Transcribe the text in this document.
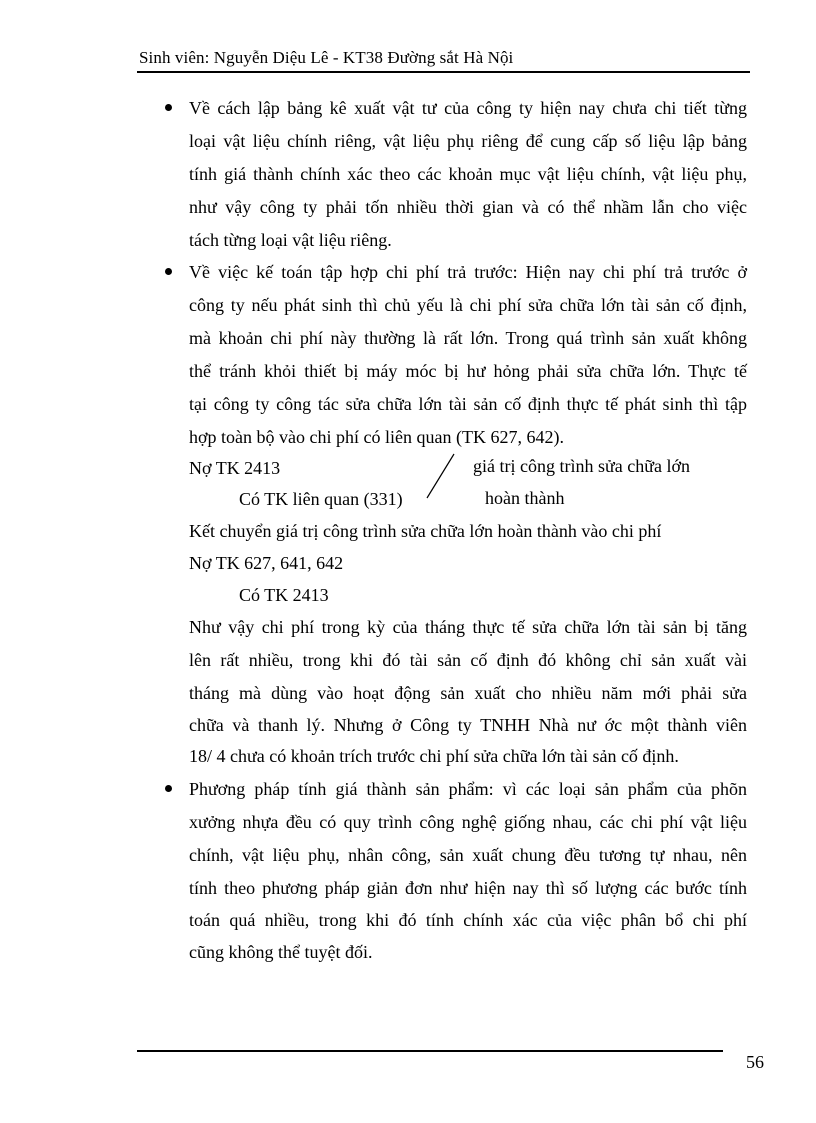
Sinh viên: Nguyễn Diệu Lê - KT38 Đường sắt Hà Nội
Về cách lập bảng kê xuất vật tư của công ty hiện nay chưa chi tiết từng
loại vật liệu chính riêng, vật liệu phụ riêng để cung cấp số liệu lập bảng
tính giá thành chính xác theo các khoản mục vật liệu chính, vật liệu phụ,
như vậy công ty phải tốn nhiều thời gian và có thể nhầm lẫn cho việc
tách từng loại vật liệu riêng.
Về việc kế toán tập hợp chi phí trả trước: Hiện nay chi phí trả trước ở
công ty nếu phát sinh thì chủ yếu là chi phí sửa chữa lớn tài sản cố định,
mà khoản chi phí này thường là rất lớn. Trong quá trình sản xuất không
thể tránh khỏi thiết bị máy móc bị hư hỏng phải sửa chữa lớn. Thực tế
tại công ty công tác sửa chữa lớn tài sản cố định thực tế phát sinh thì tập
hợp toàn bộ vào chi phí có liên quan (TK 627, 642).
Nợ TK 2413
Có TK liên quan (331)
giá trị công trình sửa chữa lớn
hoàn thành
Kết chuyển giá trị công trình sửa chữa lớn hoàn thành vào chi phí
Nợ TK 627, 641, 642
Có TK 2413
Như vậy chi phí trong kỳ của tháng thực tế sửa chữa lớn tài sản bị tăng
lên rất nhiều, trong khi đó tài sản cố định đó không chỉ sản xuất vài
tháng mà dùng vào hoạt động sản xuất cho nhiều năm mới phải sửa
chữa và thanh lý. Nhưng ở Công ty TNHH Nhà nư ớc một thành viên
18/ 4 chưa có khoản trích trước chi phí sửa chữa lớn tài sản cố định.
Phương pháp tính giá thành sản phẩm: vì các loại sản phẩm của phõn
xưởng nhựa đều có quy trình công nghệ giống nhau, các chi phí vật liệu
chính, vật liệu phụ, nhân công, sản xuất chung đều tương tự nhau, nên
tính theo phương pháp giản đơn như hiện nay thì số lượng các bước tính
toán quá nhiều, trong khi đó tính chính xác của việc phân bổ chi phí
cũng không thể tuyệt đối.
56
